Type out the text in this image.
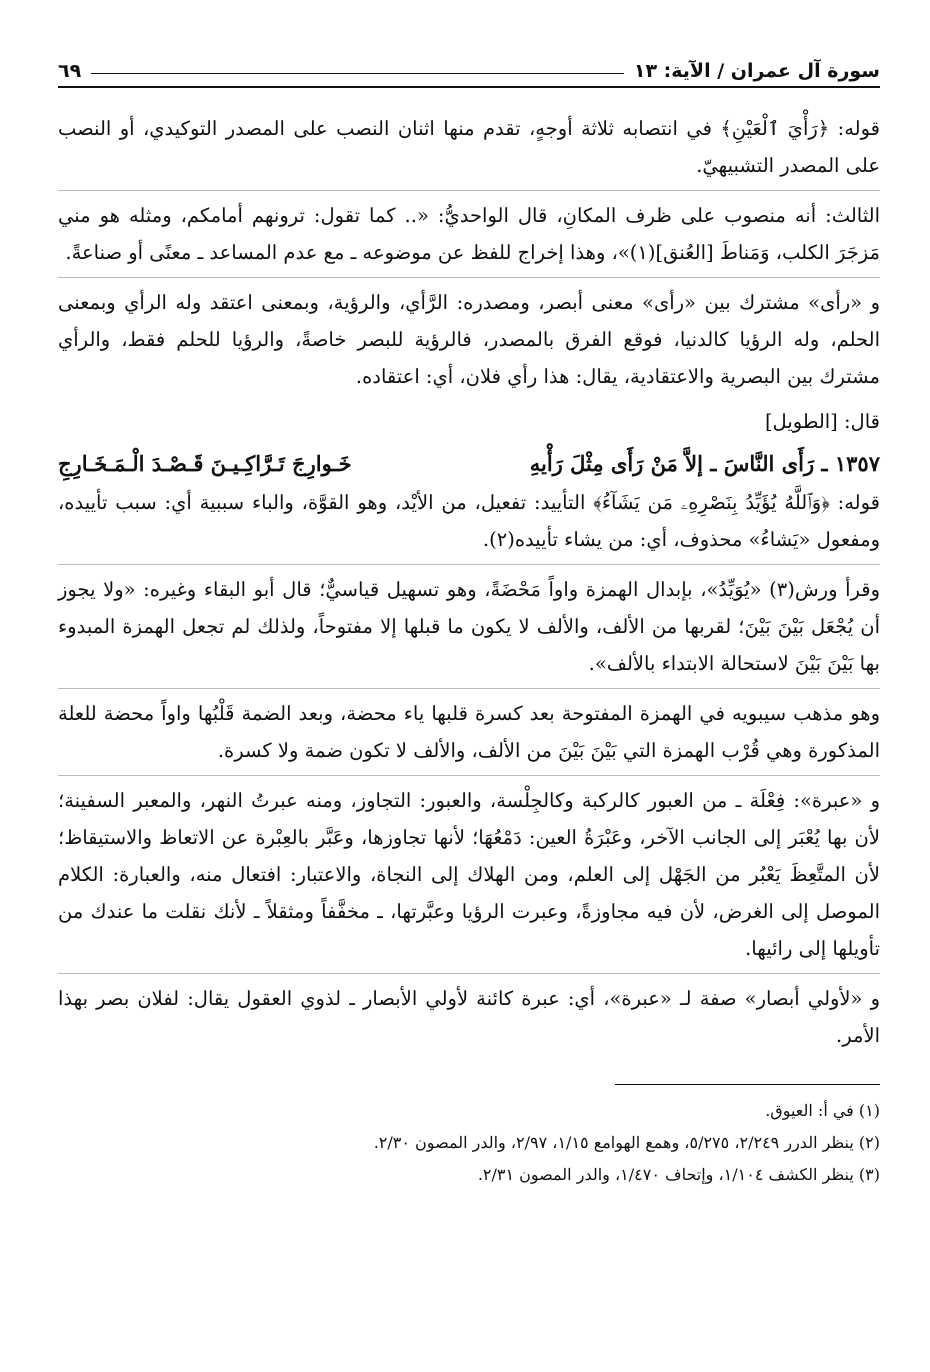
سورة آل عمران / الآية: ١٣
٦٩

قوله: ﴿رَأْيَ ٱلْعَيْنِ﴾ في انتصابه ثلاثة أوجهٍ، تقدم منها اثنان النصب على المصدر التوكيدي، أو النصب على المصدر التشبيهيّ.

الثالث: أنه منصوب على ظرف المكانِ، قال الواحديُّ: «.. كما تقول: ترونهم أمامكم، ومثله هو مني مَزجَرَ الكلب، وَمَناطَ [العُنق](١)»، وهذا إخراج للفظ عن موضوعه ـ مع عدم المساعد ـ معنًى أو صناعةً.

و «رأى» مشترك بين «رأى» معنى أبصر، ومصدره: الرَّأي، والرؤية، وبمعنى اعتقد وله الرأي وبمعنى الحلم، وله الرؤيا كالدنيا، فوقع الفرق بالمصدر، فالرؤية للبصر خاصةً، والرؤيا للحلم فقط، والرأي مشترك بين البصرية والاعتقادية، يقال: هذا رأي فلان، أي: اعتقاده.

قال: [الطويل]

١٣٥٧ ـ رَأَى النَّاسَ ـ إلاَّ مَنْ رَأَى مِثْلَ رَأْيهِ
خَـوارِجَ تَـرَّاكِـيـنَ قَـصْـدَ الْـمَـخَـارِجِ

قوله: ﴿وَٱللَّهُ يُؤَيِّدُ بِنَصْرِهِۦ مَن يَشَآءُ﴾ التأييد: تفعيل، من الأيْد، وهو القوَّة، والباء سببية أي: سبب تأييده، ومفعول «يَشاءُ» محذوف، أي: من يشاء تأييده(٢).

وقرأ ورش(٣) «يُوَيِّدُ»، بإبدال الهمزة واواً مَحْضَةً، وهو تسهيل قياسيٌّ؛ قال أبو البقاء وغيره: «ولا يجوز أن يُجْعَل بَيْنَ بَيْنَ؛ لقربها من الألف، والألف لا يكون ما قبلها إلا مفتوحاً، ولذلك لم تجعل الهمزة المبدوء بها بَيْنَ بَيْنَ لاستحالة الابتداء بالألف».

وهو مذهب سيبويه في الهمزة المفتوحة بعد كسرة قلبها ياء محضة، وبعد الضمة قَلْبُها واواً محضة للعلة المذكورة وهي قُرْب الهمزة التي بَيْنَ بَيْنَ من الألف، والألف لا تكون ضمة ولا كسرة.

و «عبرة»: فِعْلَة ـ من العبور كالركبة وكالجِلْسة، والعبور: التجاوز، ومنه عبرتُ النهر، والمعبر السفينة؛ لأن بها يُعْبَر إلى الجانب الآخر، وعَبْرَةُ العين: دَمْعُهَا؛ لأنها تجاوزها، وعَبَّر بالعِبْرة عن الاتعاظ والاستيقاظ؛ لأن المتَّعِظَ يَعْبُر من الجَهْل إلى العلم، ومن الهلاك إلى النجاة، والاعتبار: افتعال منه، والعبارة: الكلام الموصل إلى الغرض، لأن فيه مجاوزةً، وعبرت الرؤيا وعبَّرتها، ـ مخفَّفاً ومثقلاً ـ لأنك نقلت ما عندك من تأويلها إلى رائيها.

و «لأولي أبصار» صفة لـ «عبرة»، أي: عبرة كائنة لأولي الأبصار ـ لذوي العقول يقال: لفلان بصر بهذا الأمر.

(١) في أ: العيوق.

(٢) ينظر الدرر ٢/٢٤٩، ٥/٢٧٥، وهمع الهوامع ١/١٥، ٢/٩٧، والدر المصون ٢/٣٠.

(٣) ينظر الكشف ١/١٠٤، وإتحاف ١/٤٧٠، والدر المصون ٢/٣١.
